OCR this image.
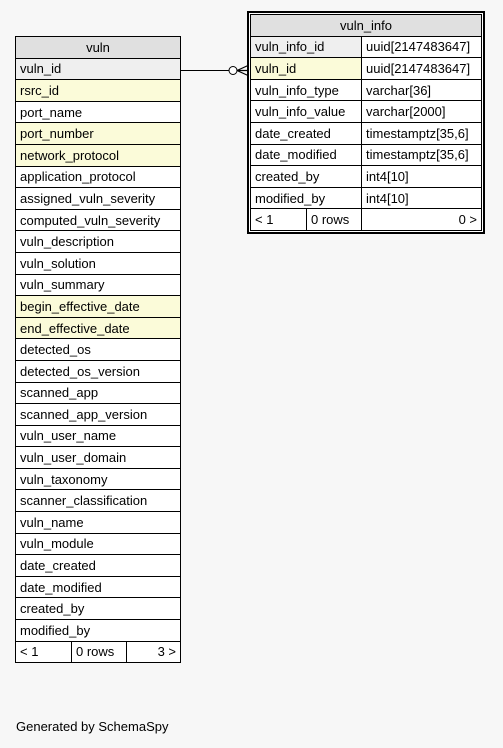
vuln
vuln_id
rsrc_id
port_name
port_number
network_protocol
application_protocol
assigned_vuln_severity
computed_vuln_severity
vuln_description
vuln_solution
vuln_summary
begin_effective_date
end_effective_date
detected_os
detected_os_version
scanned_app
scanned_app_version
vuln_user_name
vuln_user_domain
vuln_taxonomy
scanner_classification
vuln_name
vuln_module
date_created
date_modified
created_by
modified_by
< 1	0 rows	3 >
vuln_info		
vuln_info_id		uuid[2147483647]
vuln_id		uuid[2147483647]
vuln_info_type		varchar[36]
vuln_info_value		varchar[2000]
date_created		timestamptz[35,6]
date_modified		timestamptz[35,6]
created_by		int4[10]
modified_by		int4[10]
< 1	0 rows	0 >
Generated by SchemaSpy
